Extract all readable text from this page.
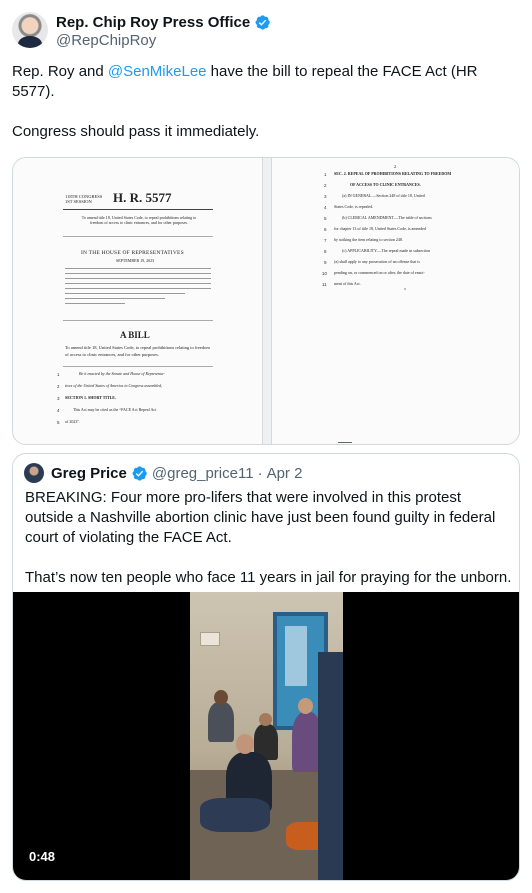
Rep. Chip Roy Press Office
@RepChipRoy

Rep. Roy and @SenMikeLee have the bill to repeal the FACE Act (HR 5577).

Congress should pass it immediately.

118TH CONGRESS
1ST SESSION	H. R. 5577
To amend title 18, United States Code, to repeal prohibitions relating to freedom of access to clinic entrances, and for other purposes.
IN THE HOUSE OF REPRESENTATIVES
SEPTEMBER 19, 2023
A BILL
To amend title 18, United States Code, to repeal prohibitions relating to freedom of access to clinic entrances, and for other purposes.
1	Be it enacted by the Senate and House of Representa-
2 tives of the United States of America in Congress assembled,
3 SECTION 1. SHORT TITLE.
4	This Act may be cited as the “FACE Act Repeal Act
5 of 2023”.
2
1 SEC. 2. REPEAL OF PROHIBITIONS RELATING TO FREEDOM
2	OF ACCESS TO CLINIC ENTRANCES.
3	(a) IN GENERAL.—Section 248 of title 18, United
4 States Code, is repealed.
5	(b) CLERICAL AMENDMENT.—The table of sections
6 for chapter 13 of title 18, United States Code, is amended
7 by striking the item relating to section 248.
8	(c) APPLICABILITY.—The repeal made in subsection
9 (a) shall apply to any prosecution of an offense that is
10 pending on, or commenced on or after, the date of enact-
11 ment of this Act.
Greg Price @greg_price11 · Apr 2

BREAKING: Four more pro-lifers that were involved in this protest outside a Nashville abortion clinic have just been found guilty in federal court of violating the FACE Act.

That’s now ten people who face 11 years in jail for praying for the unborn.

0:48
